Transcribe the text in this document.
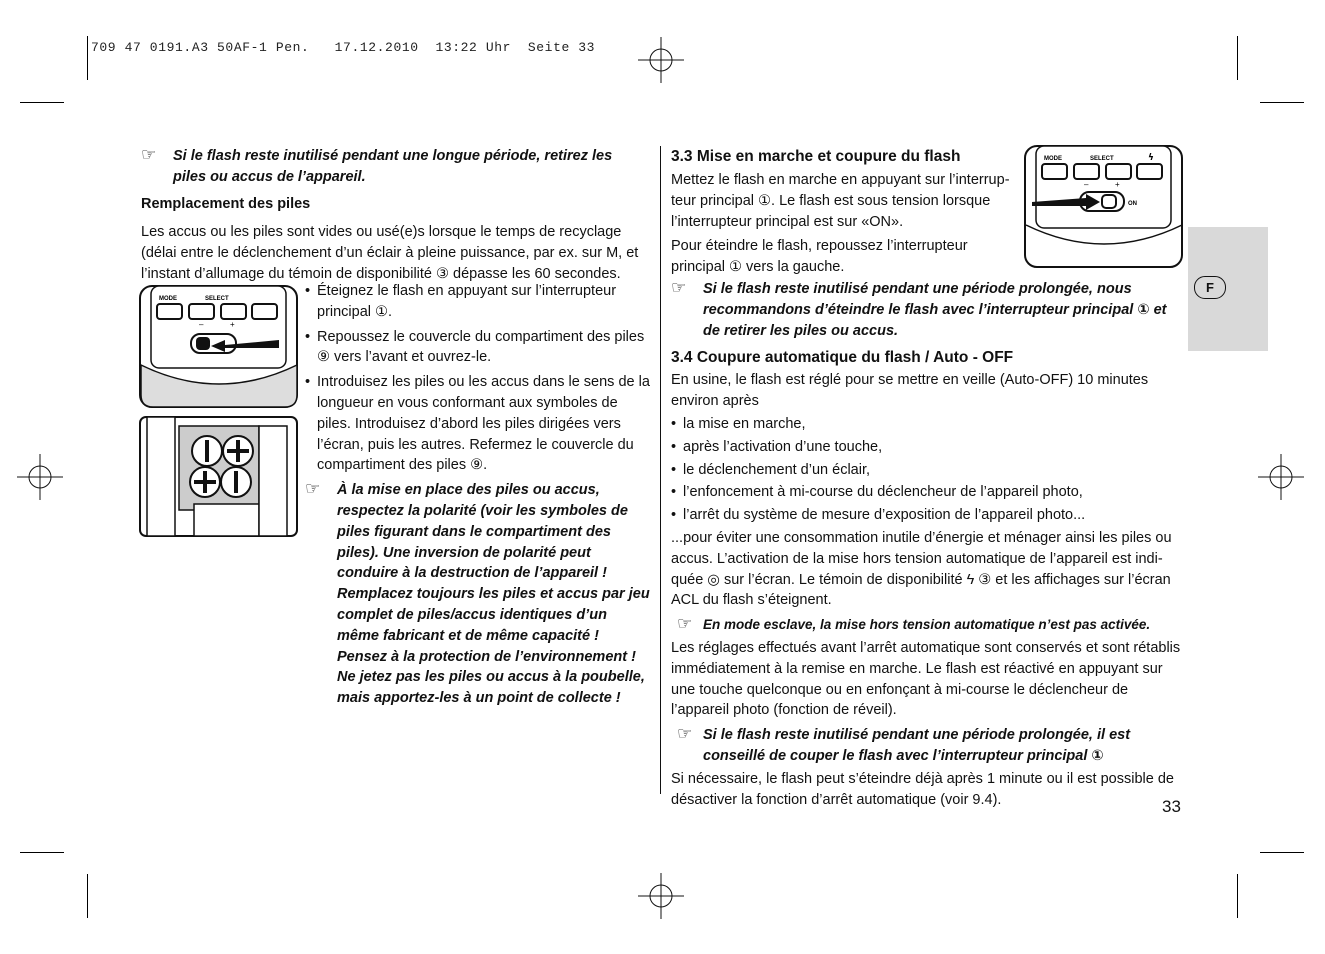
709 47 0191.A3 50AF-1 Pen.   17.12.2010  13:22 Uhr  Seite 33

☞ Si le flash reste inutilisé pendant une longue période, retirez les piles ou accus de l’appareil.

Remplacement des piles

Les accus ou les piles sont vides ou usé(e)s lorsque le temps de recyclage (délai entre le déclenchement d’un éclair à pleine puissance, par ex. sur M, et l’instant d’allumage du témoin de disponibilité ③ dépasse les 60 secondes.

MODE	SELECT
–	+

• Éteignez le flash en appuyant sur l’interrupteur principal ①.

• Repoussez le couvercle du compartiment des piles ⑨ vers l’avant et ouvrez-le.

• Introduisez les piles ou les accus dans le sens de la longueur en vous conformant aux symboles de piles. Introduisez d’abord les piles dirigées vers l’écran, puis les autres. Refermez le couvercle du compartiment des piles ⑨.

☞ À la mise en place des piles ou accus, respectez la polarité (voir les symboles de piles figurant dans le compartiment des piles). Une inversion de polarité peut conduire à la destruction de l’appareil ! Remplacez toujours les piles et accus par jeu complet de piles/accus identiques d’un même fabricant et de même capacité ! Pensez à la protection de l’environnement ! Ne jetez pas les piles ou accus à la poubelle, mais apportez-les à un point de collecte !

3.3 Mise en marche et coupure du flash

Mettez le flash en marche en appuyant sur l’interrupteur principal ①. Le flash est sous tension lorsque l’interrupteur principal est sur «ON».

Pour éteindre le flash, repoussez l’interrupteur principal ① vers la gauche.

MODE	SELECT	ϟ
–	+
ON

☞ Si le flash reste inutilisé pendant une période prolongée, nous recommandons d’éteindre le flash avec l’interrupteur principal ① et de retirer les piles ou accus.

3.4 Coupure automatique du flash / Auto - OFF

En usine, le flash est réglé pour se mettre en veille (Auto-OFF) 10 minutes environ après

• la mise en marche,

• après l’activation d’une touche,

• le déclenchement d’un éclair,

• l’enfoncement à mi-course du déclencheur de l’appareil photo,

• l’arrêt du système de mesure d’exposition de l’appareil photo...

...pour éviter une consommation inutile d’énergie et ménager ainsi les piles ou accus. L’activation de la mise hors tension automatique de l’appareil est indiquée ◎ sur l’écran. Le témoin de disponibilité ϟ ③ et les affichages sur l’écran ACL du flash s’éteignent.

☞ En mode esclave, la mise hors tension automatique n’est pas activée.

Les réglages effectués avant l’arrêt automatique sont conservés et sont rétablis immédiatement à la remise en marche. Le flash est réactivé en appuyant sur une touche quelconque ou en enfonçant à mi-course le déclencheur de l’appareil photo (fonction de réveil).

☞ Si le flash reste inutilisé pendant une période prolongée, il est conseillé de couper le flash avec l’interrupteur principal ①

Si nécessaire, le flash peut s’éteindre déjà après 1 minute ou il est possible de désactiver la fonction d’arrêt automatique (voir 9.4).

F
33
